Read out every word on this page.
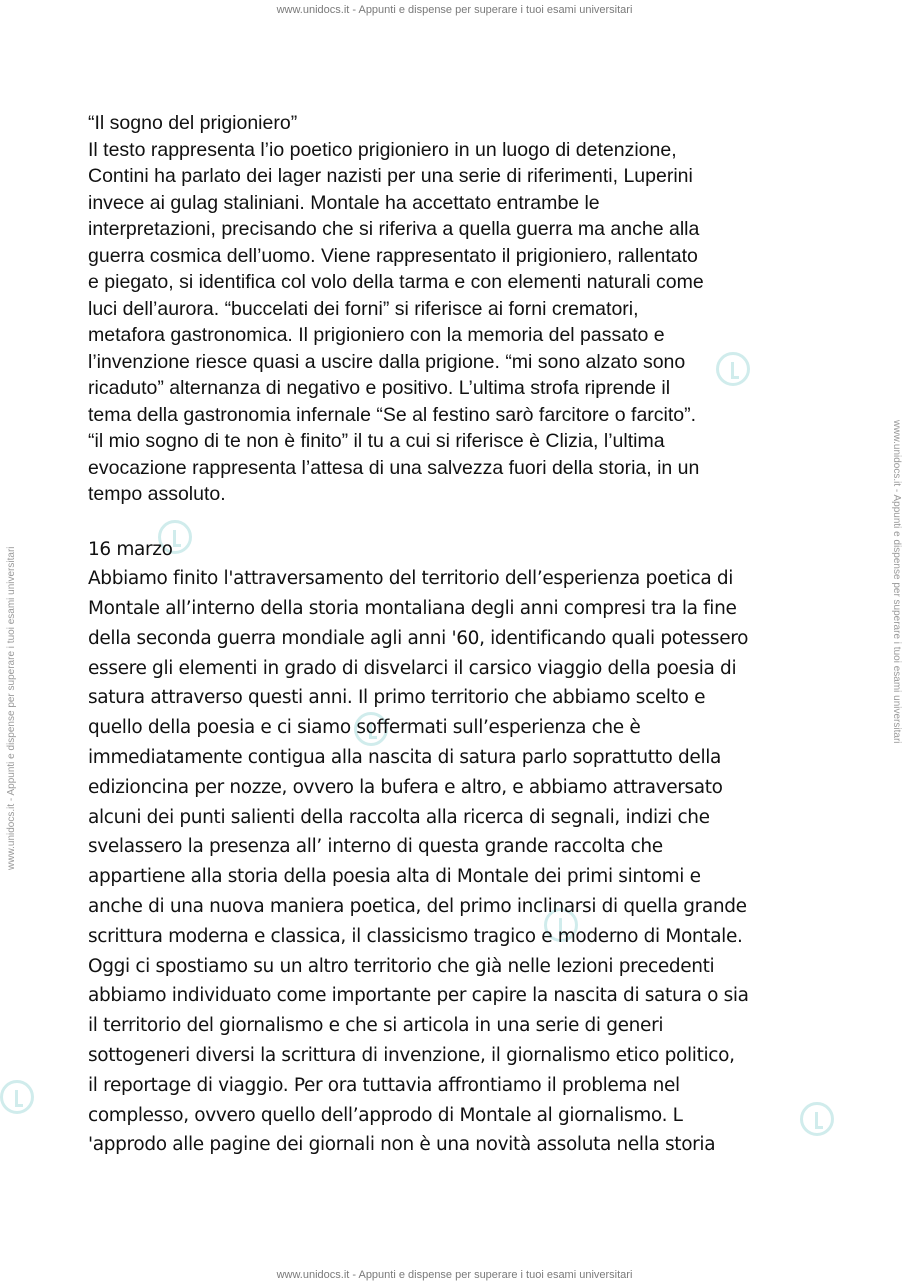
www.unidocs.it - Appunti e dispense per superare i tuoi esami universitari
www.unidocs.it - Appunti e dispense per superare i tuoi esami universitari	www.unidocs.it - Appunti e dispense per superare i tuoi esami universitari

“Il sogno del prigioniero”

Il testo rappresenta l’io poetico prigioniero in un luogo di detenzione,

Contini ha parlato dei lager nazisti per una serie di riferimenti, Luperini

invece ai gulag staliniani. Montale ha accettato entrambe le

interpretazioni, precisando che si riferiva a quella guerra ma anche alla

guerra cosmica dell’uomo. Viene rappresentato il prigioniero, rallentato

e piegato, si identifica col volo della tarma e con elementi naturali come

luci dell’aurora. “buccelati dei forni” si riferisce ai forni crematori,

metafora gastronomica. Il prigioniero con la memoria del passato e

l’invenzione riesce quasi a uscire dalla prigione. “mi sono alzato sono

ricaduto” alternanza di negativo e positivo. L’ultima strofa riprende il

tema della gastronomia infernale “Se al festino sarò farcitore o farcito”.

“il mio sogno di te non è finito” il tu a cui si riferisce è Clizia, l’ultima

evocazione rappresenta l’attesa di una salvezza fuori della storia, in un

tempo assoluto.

16 marzo

Abbiamo finito l'attraversamento del territorio dell’esperienza poetica di

Montale all’interno della storia montaliana degli anni compresi tra la fine

della seconda guerra mondiale agli anni '60, identificando quali potessero

essere gli elementi in grado di disvelarci il carsico viaggio della poesia di

satura attraverso questi anni. Il primo territorio che abbiamo scelto e

quello della poesia e ci siamo soffermati sull’esperienza che è

immediatamente contigua alla nascita di satura parlo soprattutto della

edizioncina per nozze, ovvero la bufera e altro, e abbiamo attraversato

alcuni dei punti salienti della raccolta alla ricerca di segnali, indizi che

svelassero la presenza all’ interno di questa grande raccolta che

appartiene alla storia della poesia alta di Montale dei primi sintomi e

anche di una nuova maniera poetica, del primo inclinarsi di quella grande

scrittura moderna e classica, il classicismo tragico e moderno di Montale.

Oggi ci spostiamo su un altro territorio che già nelle lezioni precedenti

abbiamo individuato come importante per capire la nascita di satura o sia

il territorio del giornalismo e che si articola in una serie di generi

sottogeneri diversi la scrittura di invenzione, il giornalismo etico politico,

il reportage di viaggio. Per ora tuttavia affrontiamo il problema nel

complesso, ovvero quello dell’approdo di Montale al giornalismo. L

'approdo alle pagine dei giornali non è una novità assoluta nella storia

www.unidocs.it - Appunti e dispense per superare i tuoi esami universitari
